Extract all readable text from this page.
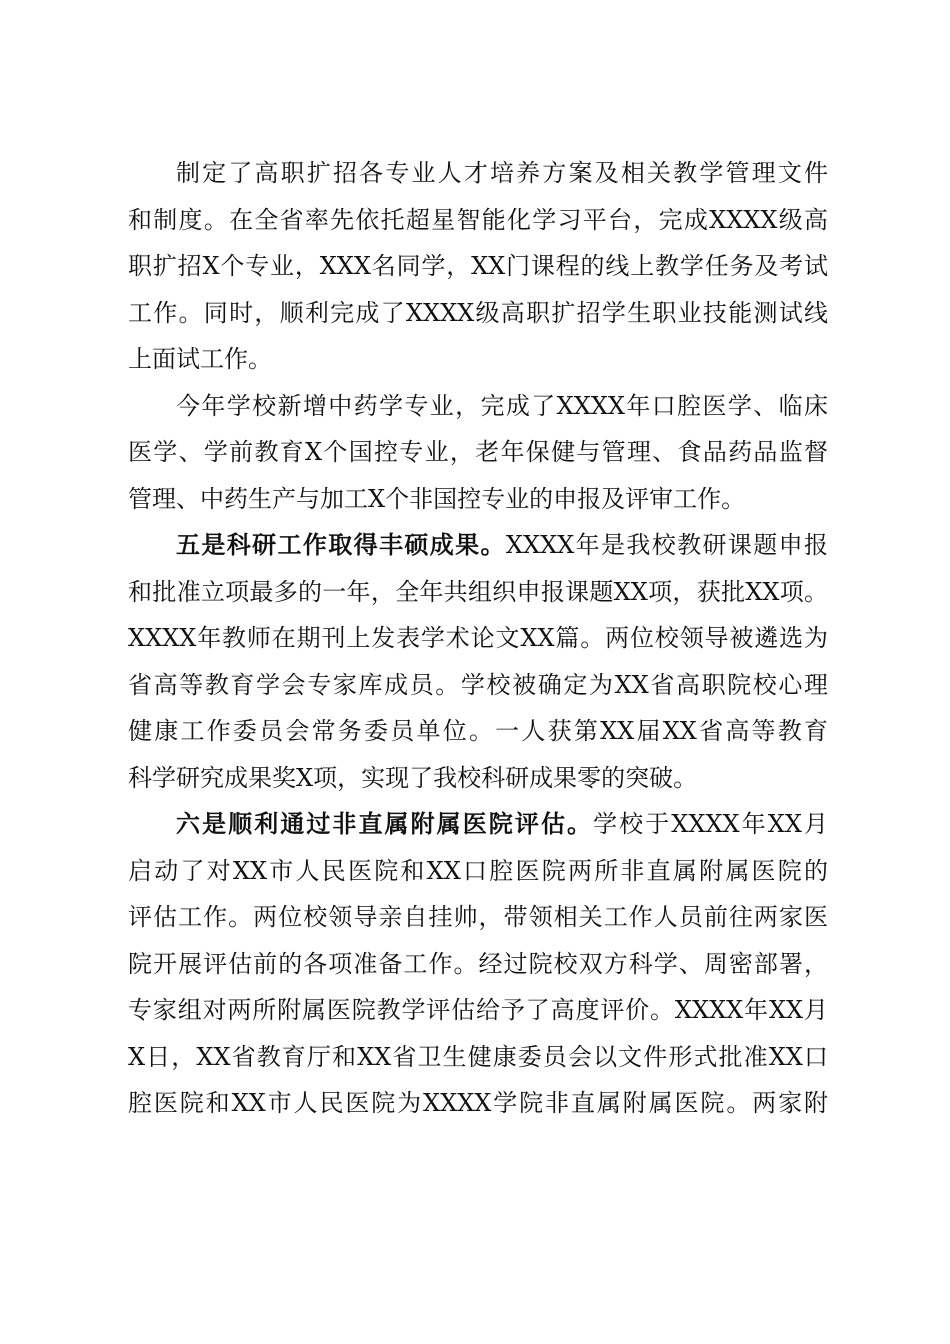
制定了高职扩招各专业人才培养方案及相关教学管理文件
和制度。在全省率先依托超星智能化学习平台，完成XXXX级高
职扩招X个专业，XXX名同学，XX门课程的线上教学任务及考试
工作。同时，顺利完成了XXXX级高职扩招学生职业技能测试线
上面试工作。
今年学校新增中药学专业，完成了XXXX年口腔医学、临床
医学、学前教育X个国控专业，老年保健与管理、食品药品监督
管理、中药生产与加工X个非国控专业的申报及评审工作。
五是科研工作取得丰硕成果。XXXX年是我校教研课题申报
和批准立项最多的一年，全年共组织申报课题XX项，获批XX项。
XXXX年教师在期刊上发表学术论文XX篇。两位校领导被遴选为
省高等教育学会专家库成员。学校被确定为XX省高职院校心理
健康工作委员会常务委员单位。一人获第XX届XX省高等教育
科学研究成果奖X项，实现了我校科研成果零的突破。
六是顺利通过非直属附属医院评估。学校于XXXX年XX月
启动了对XX市人民医院和XX口腔医院两所非直属附属医院的
评估工作。两位校领导亲自挂帅，带领相关工作人员前往两家医
院开展评估前的各项准备工作。经过院校双方科学、周密部署，
专家组对两所附属医院教学评估给予了高度评价。XXXX年XX月
X日，XX省教育厅和XX省卫生健康委员会以文件形式批准XX口
腔医院和XX市人民医院为XXXX学院非直属附属医院。两家附
